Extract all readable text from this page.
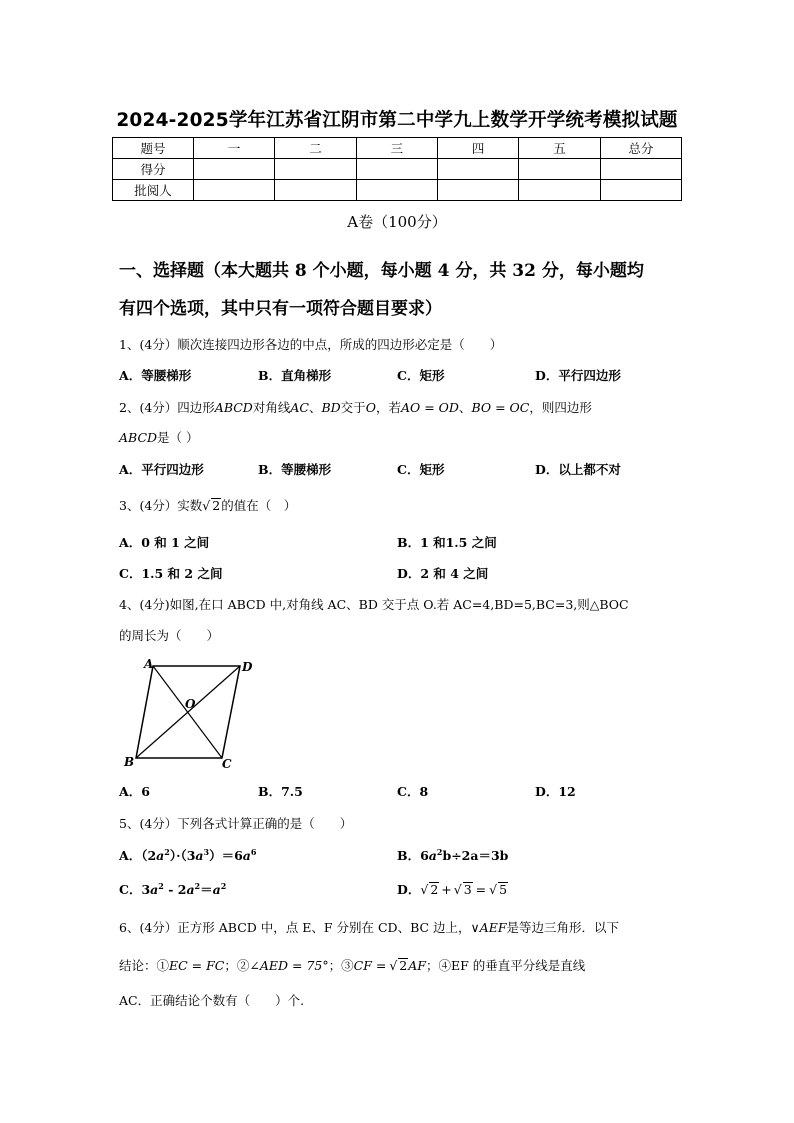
2024-2025学年江苏省江阴市第二中学九上数学开学统考模拟试题
题号	一	二	三	四	五	总分
得分						
批阅人						
A卷（100分）
一、选择题（本大题共 8 个小题，每小题 4 分，共 32 分，每小题均
有四个选项，其中只有一项符合题目要求）
1、(4分）顺次连接四边形各边的中点，所成的四边形必定是（　　）
A．等腰梯形	B．直角梯形	C．矩形	D．平行四边形
2、(4分）四边形ABCD对角线AC、BD交于O，若AO = OD、BO = OC，则四边形
ABCD是（ ）
A．平行四边形	B．等腰梯形	C．矩形	D．以上都不对
3、(4分）实数√ 2的值在（　）
A．0 和 1 之间	B．1 和1.5 之间
C．1.5 和 2 之间	D．2 和 4 之间
4、(4分)如图,在口 ABCD 中,对角线 AC、BD 交于点 O.若 AC=4,BD=5,BC=3,则△BOC
的周长为（　　）
A	D
O
B	C
A．6	B．7.5	C．8	D．12
5、(4分）下列各式计算正确的是（　　）
A．$(2a^2)\cdot(3a^3)=6a^6$	B．$6a^2b\div 2a=3b$
C．$3a^2 - 2a^2=a^2$	D．√ 2 + √ 3 = √ 5
6、(4分）正方形 ABCD 中，点 E、F 分别在 CD、BC 边上，∨AEF是等边三角形．以下
结论：①EC = FC；②∠AED = 75°；③CF = √ 2AF；④EF 的垂直平分线是直线
AC．正确结论个数有（　　）个.
